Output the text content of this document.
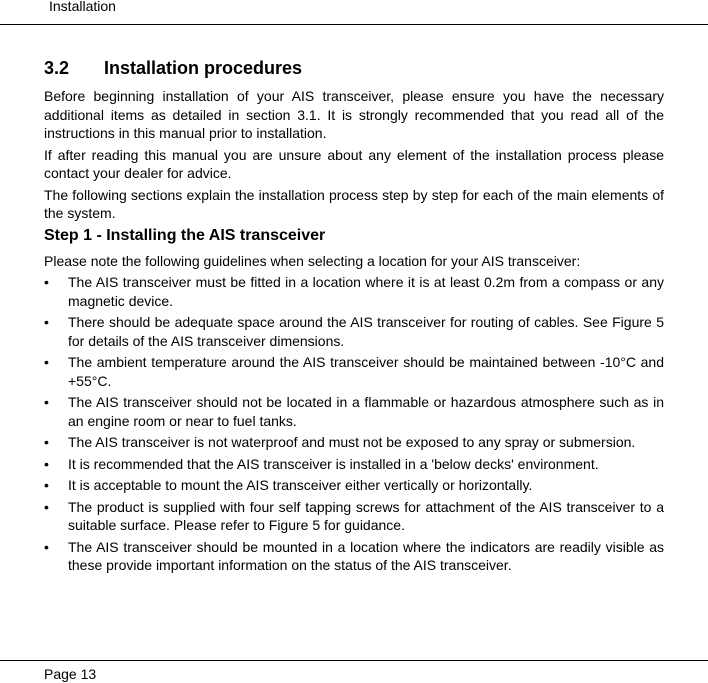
Installation
3.2	Installation procedures

Before beginning installation of your AIS transceiver, please ensure you have the necessary additional items as detailed in section 3.1. It is strongly recommended that you read all of the instructions in this manual prior to installation.

If after reading this manual you are unsure about any element of the installation process please contact your dealer for advice.

The following sections explain the installation process step by step for each of the main elements of the system.

Step 1 - Installing the AIS transceiver

Please note the following guidelines when selecting a location for your AIS transceiver:

•	The AIS transceiver must be fitted in a location where it is at least 0.2m from a compass or any magnetic device.
•	There should be adequate space around the AIS transceiver for routing of cables. See Figure 5 for details of the AIS transceiver dimensions.
•	The ambient temperature around the AIS transceiver should be maintained between -10°C and +55°C.
•	The AIS transceiver should not be located in a flammable or hazardous atmosphere such as in an engine room or near to fuel tanks.
•	The AIS transceiver is not waterproof and must not be exposed to any spray or submersion.
•	It is recommended that the AIS transceiver is installed in a 'below decks' environment.
•	It is acceptable to mount the AIS transceiver either vertically or horizontally.
•	The product is supplied with four self tapping screws for attachment of the AIS transceiver to a suitable surface. Please refer to Figure 5 for guidance.
•	The AIS transceiver should be mounted in a location where the indicators are readily visible as these provide important information on the status of the AIS transceiver.
Page 13
